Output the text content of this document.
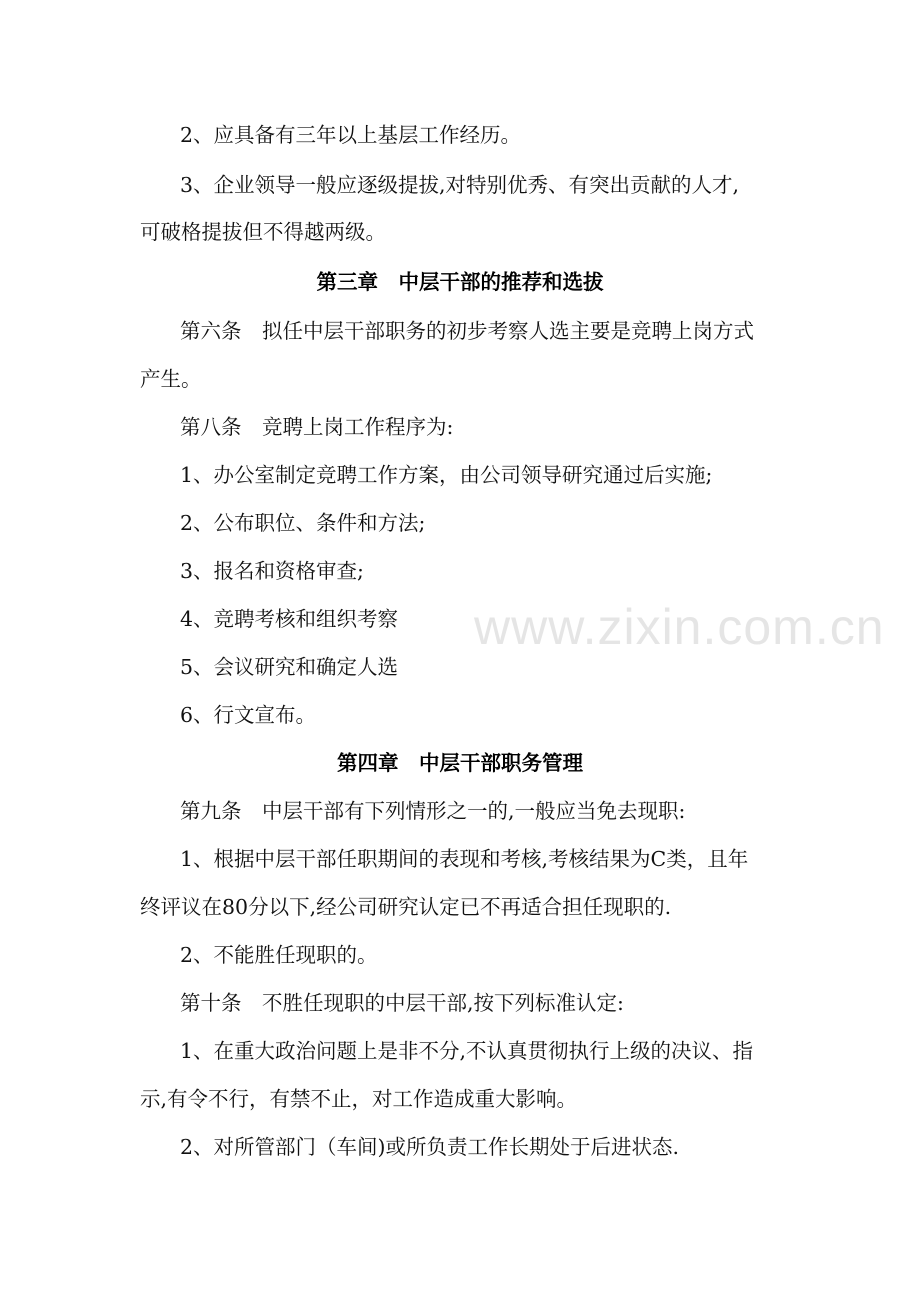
2、应具备有三年以上基层工作经历。
3、企业领导一般应逐级提拔,对特别优秀、有突出贡献的人才,
可破格提拔但不得越两级。
第三章　中层干部的推荐和选拔
第六条　拟任中层干部职务的初步考察人选主要是竞聘上岗方式
产生。
第八条　竞聘上岗工作程序为:
1、办公室制定竞聘工作方案，由公司领导研究通过后实施;
2、公布职位、条件和方法;
3、报名和资格审查;
4、竞聘考核和组织考察
5、会议研究和确定人选
6、行文宣布。
第四章　中层干部职务管理
第九条　中层干部有下列情形之一的,一般应当免去现职:
1、根据中层干部任职期间的表现和考核,考核结果为C类，且年
终评议在80分以下,经公司研究认定已不再适合担任现职的.
2、不能胜任现职的。
第十条　不胜任现职的中层干部,按下列标准认定:
1、在重大政治问题上是非不分,不认真贯彻执行上级的决议、指
示,有令不行，有禁不止，对工作造成重大影响。
2、对所管部门（车间)或所负责工作长期处于后进状态.
www.zixin.com.cn
